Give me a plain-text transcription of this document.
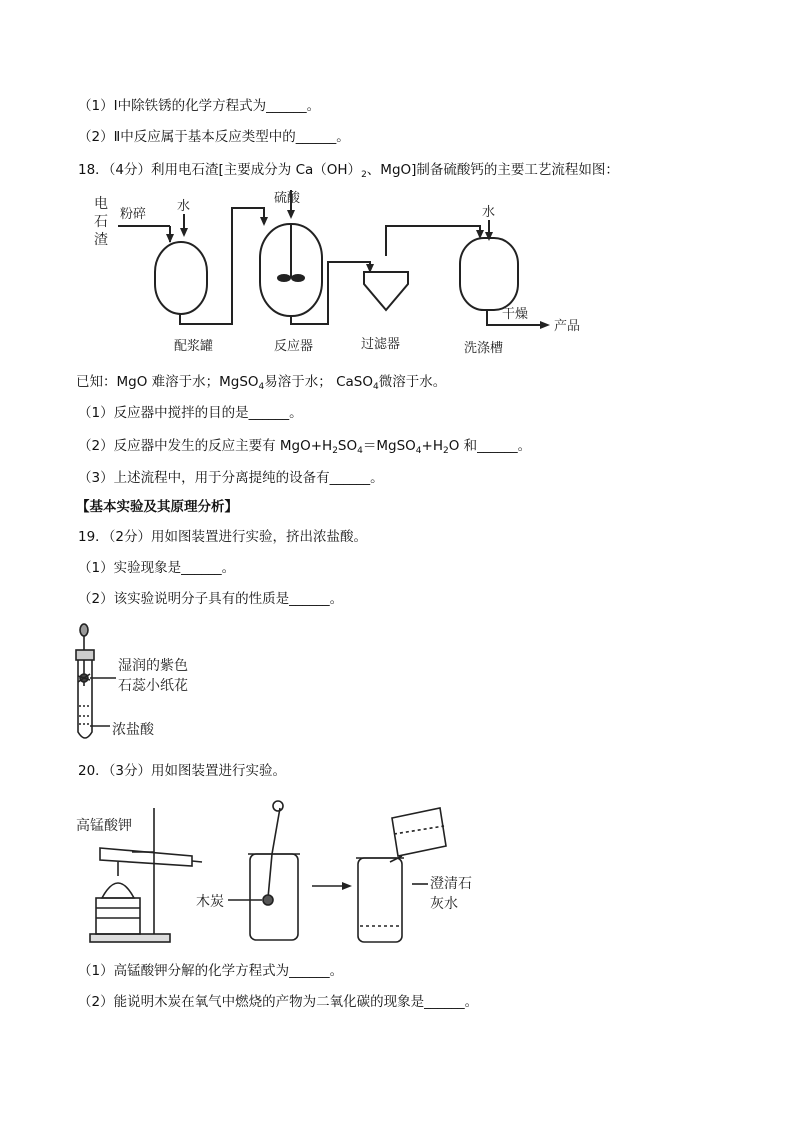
（1）Ⅰ中除铁锈的化学方程式为______。
（2）Ⅱ中反应属于基本反应类型中的______。
18．（4分）利用电石渣[主要成分为 $Ca(OH)_2$、MgO]制备硫酸钙的主要工艺流程如图：
电
石
渣
粉碎
水
硫酸
水
干燥
产品
配浆罐	反应器	过滤器	洗涤槽
已知：MgO 难溶于水；MgSO$_4$易溶于水； CaSO$_4$微溶于水。
（1）反应器中搅拌的目的是______。
（2）反应器中发生的反应主要有 $MgO+H_2SO_4=MgSO_4+H_2O$ 和______。
（3）上述流程中，用于分离提纯的设备有______。
【基本实验及其原理分析】
19．（2分）用如图装置进行实验，挤出浓盐酸。
（1）实验现象是______。
（2）该实验说明分子具有的性质是______。
湿润的紫色
石蕊小纸花
浓盐酸
20．（3分）用如图装置进行实验。
高锰酸钾
木炭
澄清石
灰水
（1）高锰酸钾分解的化学方程式为______。
（2）能说明木炭在氧气中燃烧的产物为二氧化碳的现象是______。
